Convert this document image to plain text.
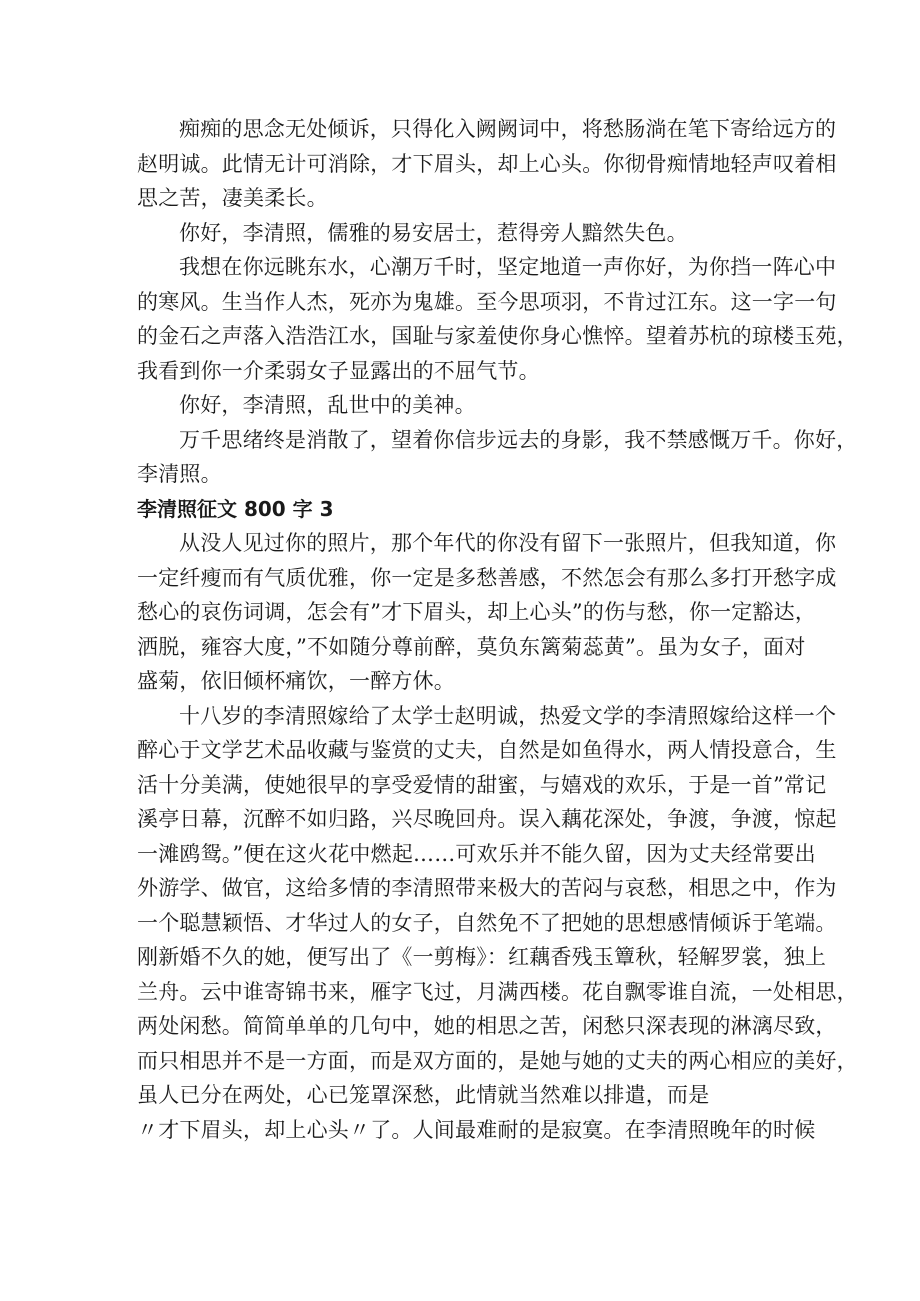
痴痴的思念无处倾诉，只得化入阙阙词中，将愁肠淌在笔下寄给远方的
赵明诚。此情无计可消除，才下眉头，却上心头。你彻骨痴情地轻声叹着相
思之苦，凄美柔长。
你好，李清照，儒雅的易安居士，惹得旁人黯然失色。
我想在你远眺东水，心潮万千时，坚定地道一声你好，为你挡一阵心中
的寒风。生当作人杰，死亦为鬼雄。至今思项羽，不肯过江东。这一字一句
的金石之声落入浩浩江水，国耻与家羞使你身心憔悴。望着苏杭的琼楼玉苑，
我看到你一介柔弱女子显露出的不屈气节。
你好，李清照，乱世中的美神。
万千思绪终是消散了，望着你信步远去的身影，我不禁感慨万千。你好，
李清照。
李清照征文 800 字 3
从没人见过你的照片，那个年代的你没有留下一张照片，但我知道，你
一定纤瘦而有气质优雅，你一定是多愁善感，不然怎会有那么多打开愁字成
愁心的哀伤词调，怎会有”才下眉头，却上心头”的伤与愁，你一定豁达，
洒脱，雍容大度，”不如随分尊前醉，莫负东篱菊蕊黄”。虽为女子，面对
盛菊，依旧倾杯痛饮，一醉方休。
十八岁的李清照嫁给了太学士赵明诚，热爱文学的李清照嫁给这样一个
醉心于文学艺术品收藏与鉴赏的丈夫，自然是如鱼得水，两人情投意合，生
活十分美满，使她很早的享受爱情的甜蜜，与嬉戏的欢乐，于是一首”常记
溪亭日幕，沉醉不如归路，兴尽晚回舟。误入藕花深处，争渡，争渡，惊起
一滩鸥鸳。”便在这火花中燃起……可欢乐并不能久留，因为丈夫经常要出
外游学、做官，这给多情的李清照带来极大的苦闷与哀愁，相思之中，作为
一个聪慧颖悟、才华过人的女子，自然免不了把她的思想感情倾诉于笔端。
刚新婚不久的她，便写出了《一剪梅》：红藕香残玉簟秋，轻解罗裳，独上
兰舟。云中谁寄锦书来，雁字飞过，月满西楼。花自飘零谁自流，一处相思，
两处闲愁。简简单单的几句中，她的相思之苦，闲愁只深表现的淋漓尽致，
而只相思并不是一方面，而是双方面的，是她与她的丈夫的两心相应的美好，
虽人已分在两处，心已笼罩深愁，此情就当然难以排遣，而是
〃才下眉头，却上心头〃了。人间最难耐的是寂寞。在李清照晚年的时候
